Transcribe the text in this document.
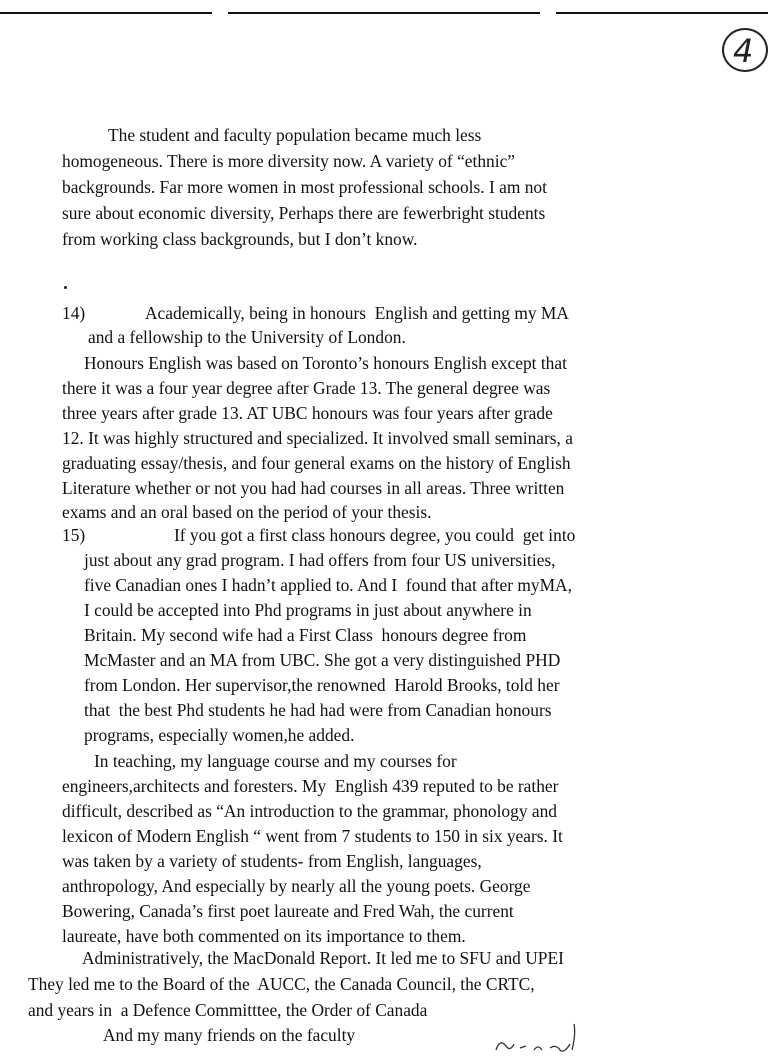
4
The student and faculty population became much less
homogeneous. There is more diversity now. A variety of “ethnic”
backgrounds. Far more women in most professional schools. I am not
sure about economic diversity, Perhaps there are fewerbright students
from working class backgrounds, but I don’t know.
14)	Academically, being in honours  English and getting my MA
and a fellowship to the University of London.
Honours English was based on Toronto’s honours English except that
there it was a four year degree after Grade 13. The general degree was
three years after grade 13. AT UBC honours was four years after grade
12. It was highly structured and specialized. It involved small seminars, a
graduating essay/thesis, and four general exams on the history of English
Literature whether or not you had had courses in all areas. Three written
exams and an oral based on the period of your thesis.
15)	If you got a first class honours degree, you could  get into
just about any grad program. I had offers from four US universities,
five Canadian ones I hadn’t applied to. And I  found that after myMA,
I could be accepted into Phd programs in just about anywhere in
Britain. My second wife had a First Class  honours degree from
McMaster and an MA from UBC. She got a very distinguished PHD
from London. Her supervisor,the renowned  Harold Brooks, told her
that  the best Phd students he had had were from Canadian honours
programs, especially women,he added.
In teaching, my language course and my courses for
engineers,architects and foresters. My  English 439 reputed to be rather
difficult, described as “An introduction to the grammar, phonology and
lexicon of Modern English “ went from 7 students to 150 in six years. It
was taken by a variety of students- from English, languages,
anthropology, And especially by nearly all the young poets. George
Bowering, Canada’s first poet laureate and Fred Wah, the current
laureate, have both commented on its importance to them.
Administratively, the MacDonald Report. It led me to SFU and UPEI
They led me to the Board of the  AUCC, the Canada Council, the CRTC,
and years in  a Defence Committtee, the Order of Canada
And my many friends on the faculty
